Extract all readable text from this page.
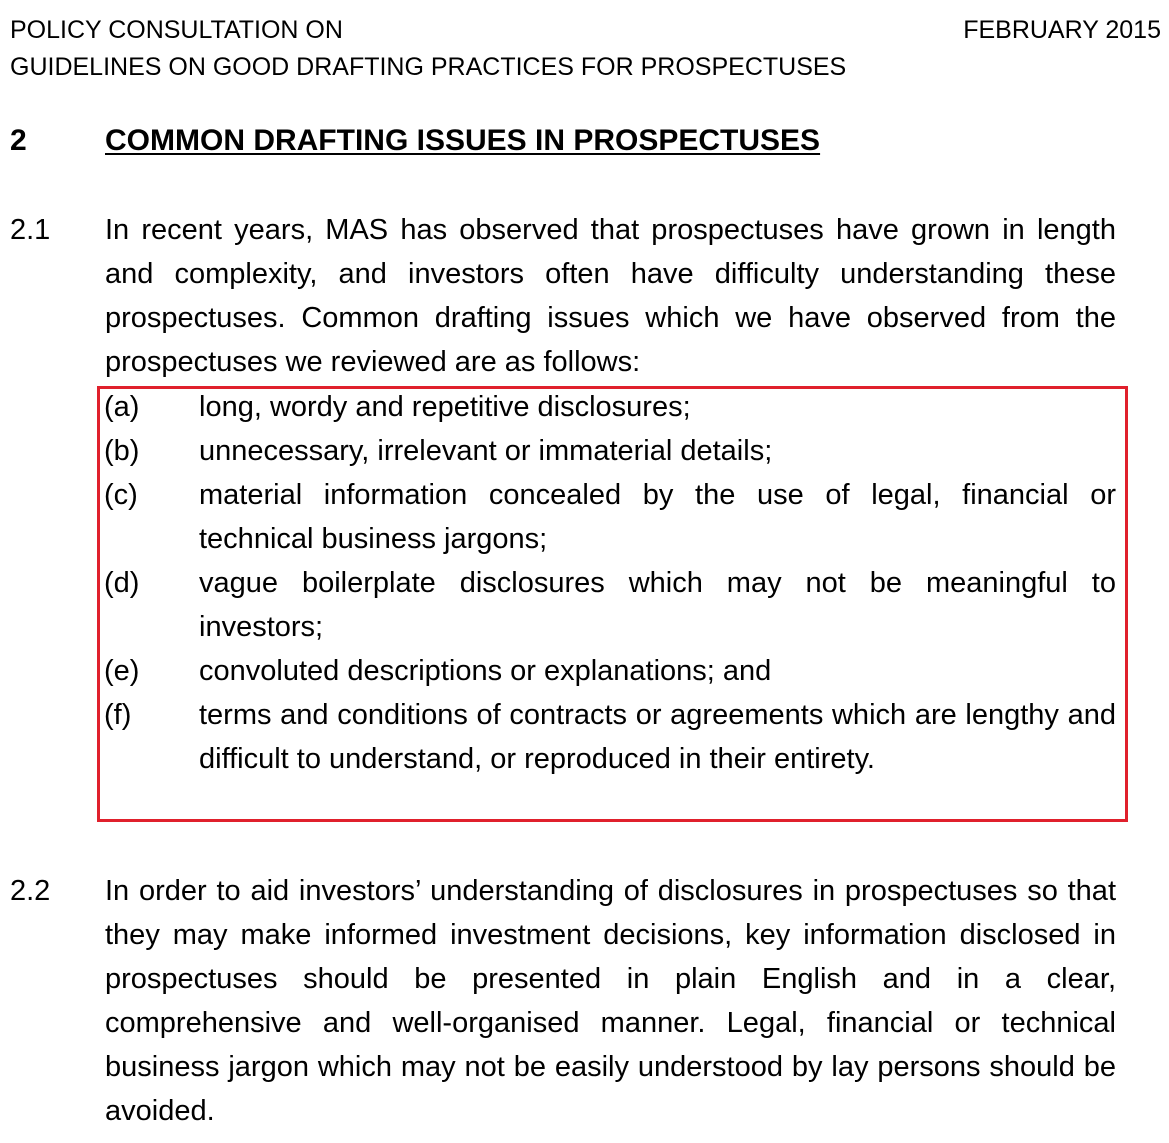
POLICY CONSULTATION ON
GUIDELINES ON GOOD DRAFTING PRACTICES FOR PROSPECTUSES
FEBRUARY 2015
2	COMMON DRAFTING ISSUES IN PROSPECTUSES
2.1 In recent years, MAS has observed that prospectuses have grown in length and complexity, and investors often have difficulty understanding these prospectuses. Common drafting issues which we have observed from the prospectuses we reviewed are as follows:
(a) long, wordy and repetitive disclosures;
(b) unnecessary, irrelevant or immaterial details;
(c) material information concealed by the use of legal, financial or technical business jargons;
(d) vague boilerplate disclosures which may not be meaningful to investors;
(e) convoluted descriptions or explanations; and
(f) terms and conditions of contracts or agreements which are lengthy and difficult to understand, or reproduced in their entirety.
2.2 In order to aid investors’ understanding of disclosures in prospectuses so that they may make informed investment decisions, key information disclosed in prospectuses should be presented in plain English and in a clear, comprehensive and well-organised manner. Legal, financial or technical business jargon which may not be easily understood by lay persons should be avoided.
